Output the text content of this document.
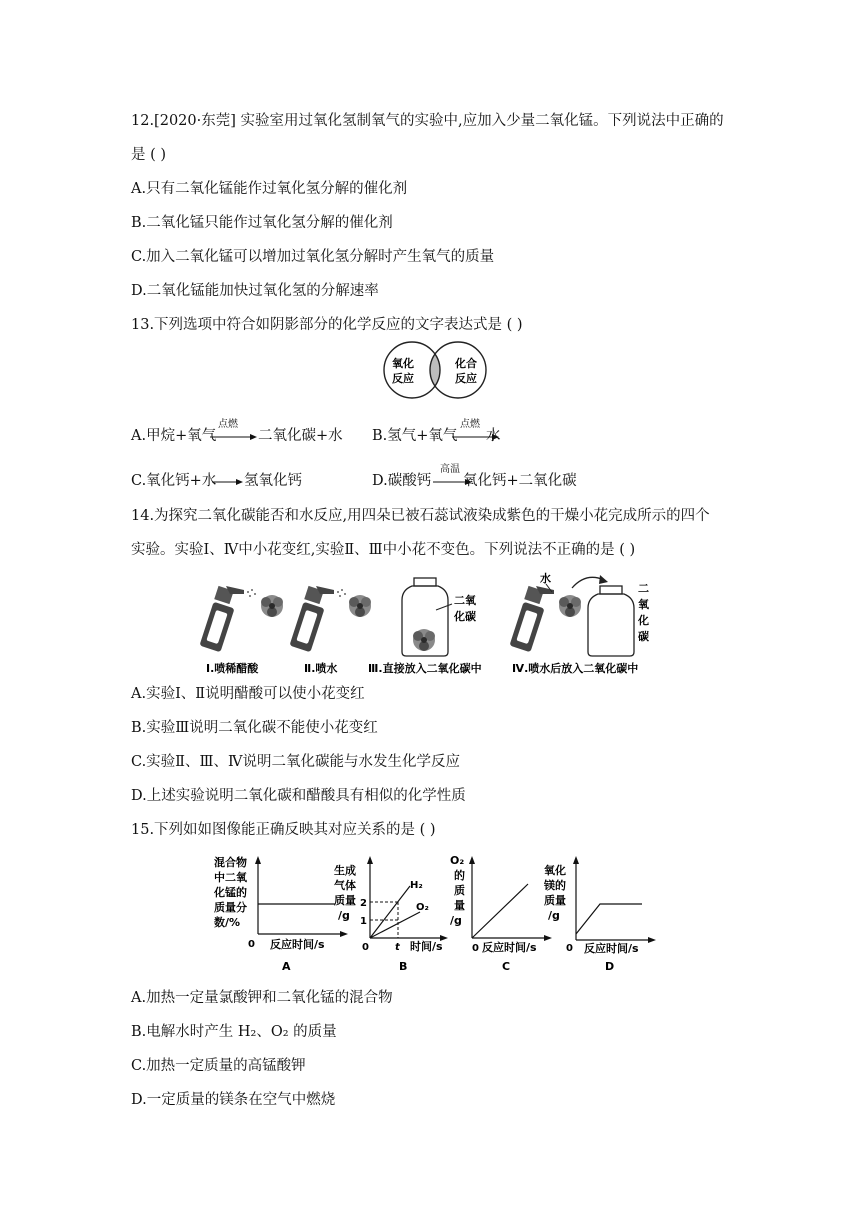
12.[2020·东莞] 实验室用过氧化氢制氧气的实验中,应加入少量二氧化锰。下列说法中正确的
是 ( )
A.只有二氧化锰能作过氧化氢分解的催化剂
B.二氧化锰只能作过氧化氢分解的催化剂
C.加入二氧化锰可以增加过氧化氢分解时产生氧气的质量
D.二氧化锰能加快过氧化氢的分解速率
13.下列选项中符合如阴影部分的化学反应的文字表达式是 ( )
氧化
反应
化合
反应
A.甲烷+氧气
点燃
二氧化碳+水 B.氢气+氧气
点燃
水
C.氧化钙+水 氢氧化钙	D.碳酸钙
高温
氧化钙+二氧化碳
14.为探究二氧化碳能否和水反应,用四朵已被石蕊试液染成紫色的干燥小花完成所示的四个
实验。实验Ⅰ、Ⅳ中小花变红,实验Ⅱ、Ⅲ中小花不变色。下列说法不正确的是 ( )
二氧
化碳
水
二
氧
化
碳
Ⅰ.喷稀醋酸	Ⅱ.喷水	Ⅲ.直接放入二氧化碳中	Ⅳ.喷水后放入二氧化碳中
A.实验Ⅰ、Ⅱ说明醋酸可以使小花变红
B.实验Ⅲ说明二氧化碳不能使小花变红
C.实验Ⅱ、Ⅲ、Ⅳ说明二氧化碳能与水发生化学反应
D.上述实验说明二氧化碳和醋酸具有相似的化学性质
15.下列如如图像能正确反映其对应关系的是 ( )
混合物
中二氧
化锰的
质量分
数/%
0 反应时间/s
A
生成
气体
质量
/g
2
1
H₂
O₂
0	t 时间/s
B
O₂
的
质
量
/g
0 反应时间/s
C
氧化
镁的
质量
/g
0 反应时间/s
D
A.加热一定量氯酸钾和二氧化锰的混合物
B.电解水时产生 H₂、O₂ 的质量
C.加热一定质量的高锰酸钾
D.一定质量的镁条在空气中燃烧
